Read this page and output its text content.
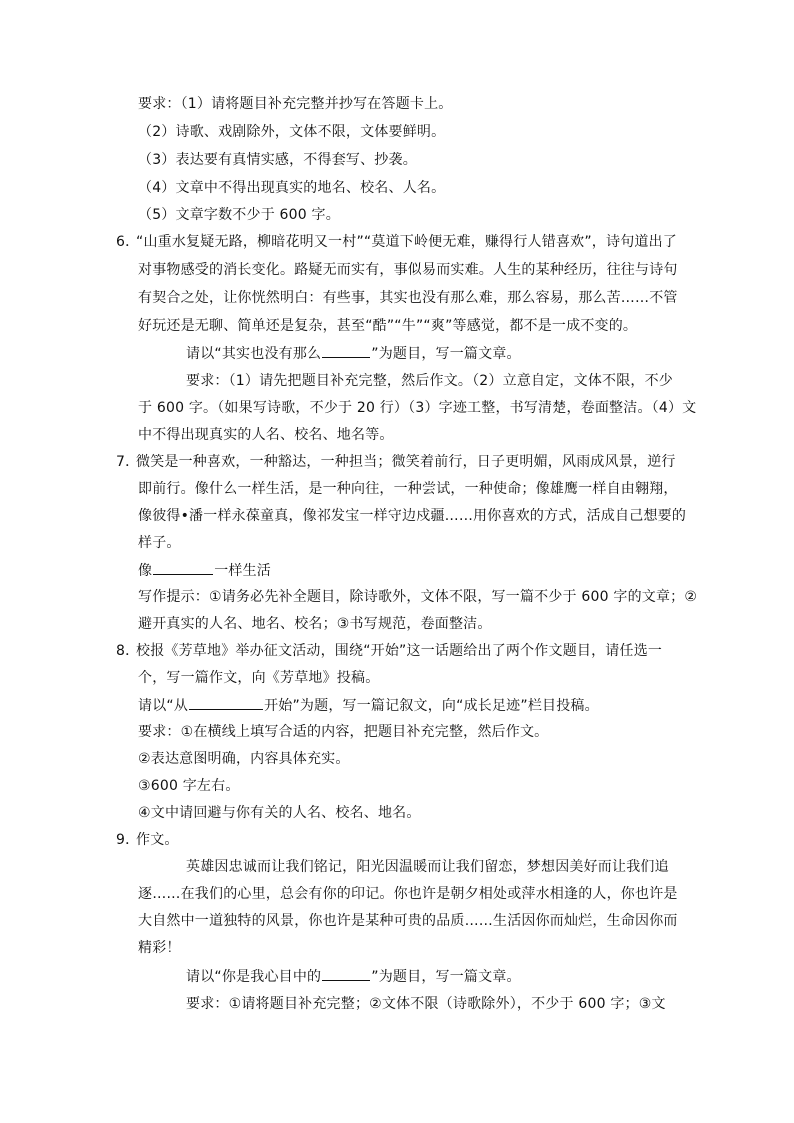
要求：（1）请将题目补充完整并抄写在答题卡上。

（2）诗歌、戏剧除外，文体不限，文体要鲜明。

（3）表达要有真情实感，不得套写、抄袭。

（4）文章中不得出现真实的地名、校名、人名。

（5）文章字数不少于 600 字。

6．“山重水复疑无路，柳暗花明又一村”“莫道下岭便无难，赚得行人错喜欢”，诗句道出了

对事物感受的消长变化。路疑无而实有，事似易而实难。人生的某种经历，往往与诗句

有契合之处，让你恍然明白：有些事，其实也没有那么难，那么容易，那么苦……不管

好玩还是无聊、简单还是复杂，甚至“酷”“牛”“爽”等感觉，都不是一成不变的。

请以“其实也没有那么	”为题目，写一篇文章。

要求：（1）请先把题目补充完整，然后作文。（2）立意自定，文体不限，不少

于 600 字。（如果写诗歌，不少于 20 行）（3）字迹工整，书写清楚，卷面整洁。（4）文

中不得出现真实的人名、校名、地名等。

7．微笑是一种喜欢，一种豁达，一种担当；微笑着前行，日子更明媚，风雨成风景，逆行

即前行。像什么一样生活，是一种向往，一种尝试，一种使命；像雄鹰一样自由翱翔，

像彼得•潘一样永葆童真，像祁发宝一样守边戍疆……用你喜欢的方式，活成自己想要的

样子。

像	一样生活

写作提示：①请务必先补全题目，除诗歌外，文体不限，写一篇不少于 600 字的文章；②

避开真实的人名、地名、校名；③书写规范，卷面整洁。

8．校报《芳草地》举办征文活动，围绕“开始”这一话题给出了两个作文题目，请任选一

个，写一篇作文，向《芳草地》投稿。

请以“从	开始”为题，写一篇记叙文，向“成长足迹”栏目投稿。

要求：①在横线上填写合适的内容，把题目补充完整，然后作文。

②表达意图明确，内容具体充实。

③600 字左右。

④文中请回避与你有关的人名、校名、地名。

9．作文。

英雄因忠诚而让我们铭记，阳光因温暖而让我们留恋，梦想因美好而让我们追

逐……在我们的心里，总会有你的印记。你也许是朝夕相处或萍水相逢的人，你也许是

大自然中一道独特的风景，你也许是某种可贵的品质……生活因你而灿烂，生命因你而

精彩！

请以“你是我心目中的	”为题目，写一篇文章。

要求：①请将题目补充完整；②文体不限（诗歌除外），不少于 600 字；③文
